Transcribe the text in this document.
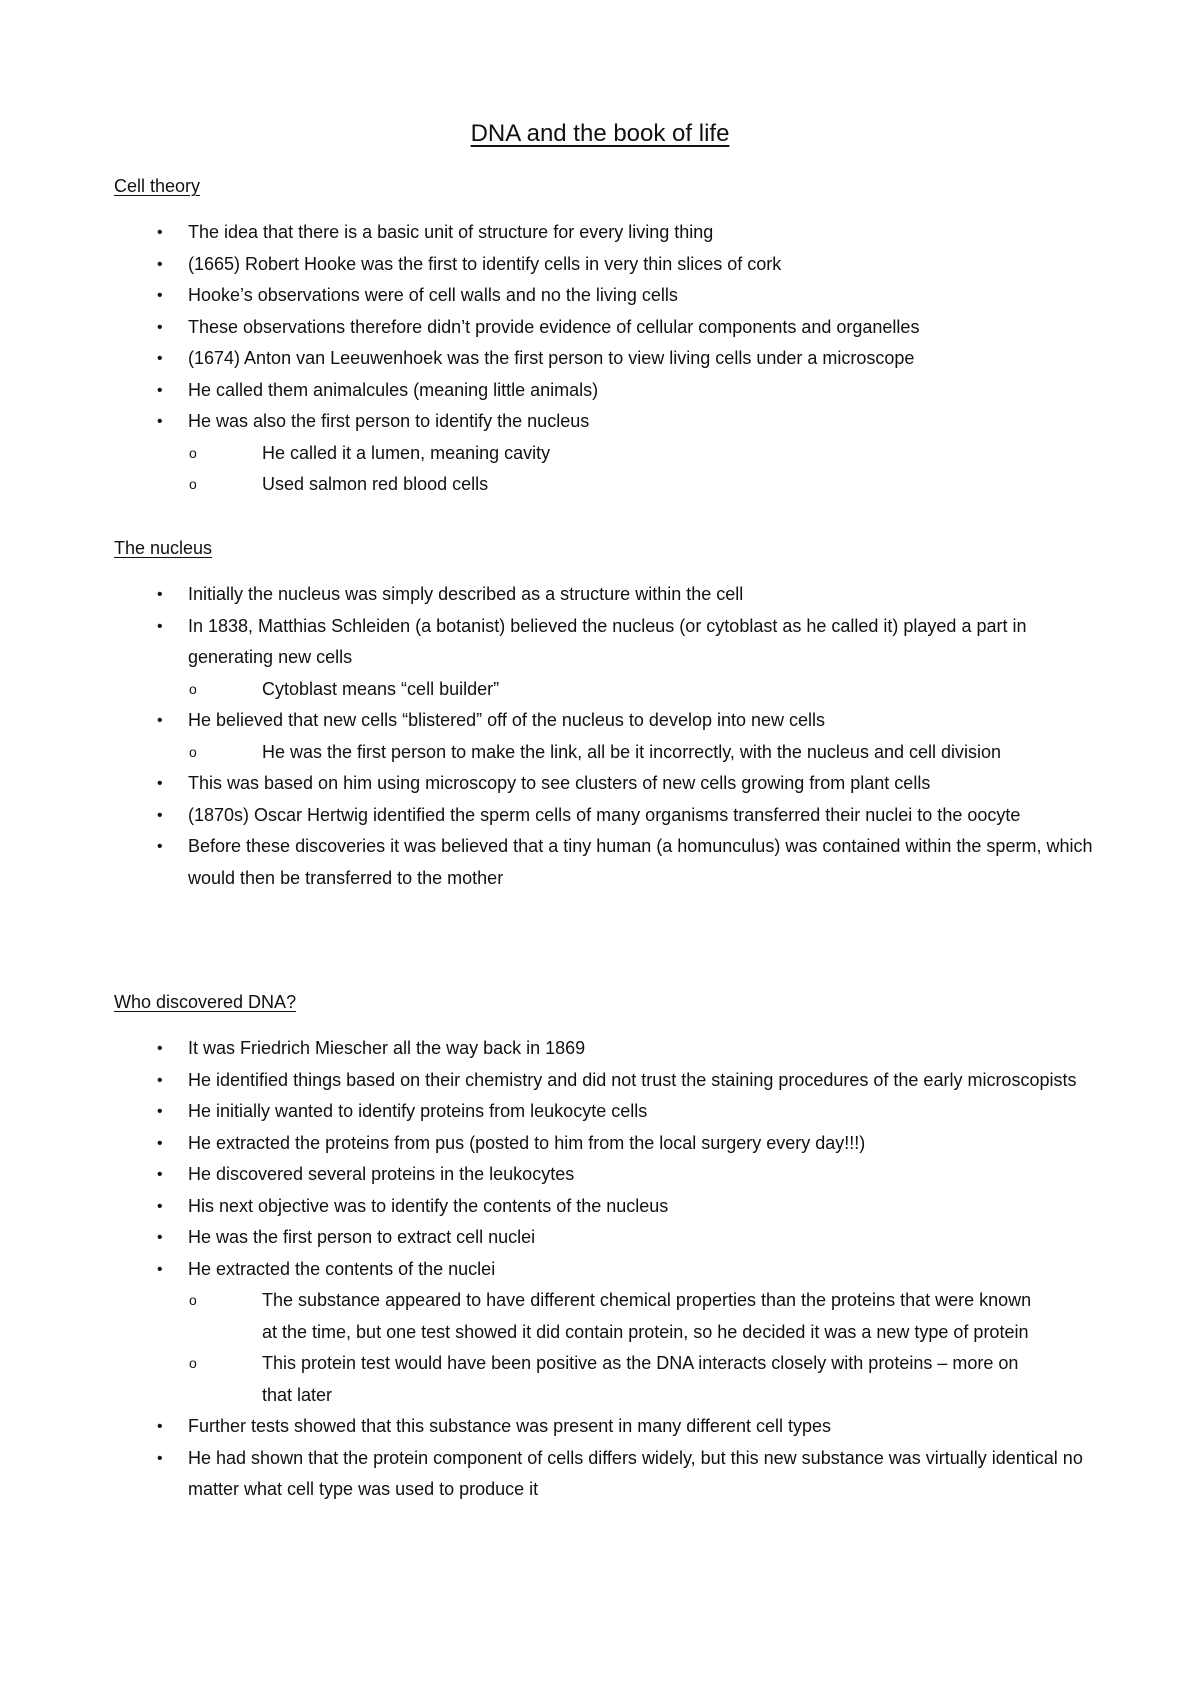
DNA and the book of life
Cell theory
• The idea that there is a basic unit of structure for every living thing
• (1665) Robert Hooke was the first to identify cells in very thin slices of cork
• Hooke’s observations were of cell walls and no the living cells
• These observations therefore didn’t provide evidence of cellular components and organelles
• (1674) Anton van Leeuwenhoek was the first person to view living cells under a microscope
• He called them animalcules (meaning little animals)
• He was also the first person to identify the nucleus
o	He called it a lumen, meaning cavity
o	Used salmon red blood cells
The nucleus
• Initially the nucleus was simply described as a structure within the cell
• In 1838, Matthias Schleiden (a botanist) believed the nucleus (or cytoblast as he called it) played a part in generating new cells
o	Cytoblast means “cell builder”
• He believed that new cells “blistered” off of the nucleus to develop into new cells
o	He was the first person to make the link, all be it incorrectly, with the nucleus and cell division
• This was based on him using microscopy to see clusters of new cells growing from plant cells
• (1870s) Oscar Hertwig identified the sperm cells of many organisms transferred their nuclei to the oocyte
• Before these discoveries it was believed that a tiny human (a homunculus) was contained within the sperm, which would then be transferred to the mother
Who discovered DNA?
• It was Friedrich Miescher all the way back in 1869
• He identified things based on their chemistry and did not trust the staining procedures of the early microscopists
• He initially wanted to identify proteins from leukocyte cells
• He extracted the proteins from pus (posted to him from the local surgery every day!!!)
• He discovered several proteins in the leukocytes
• His next objective was to identify the contents of the nucleus
• He was the first person to extract cell nuclei
• He extracted the contents of the nuclei
o	The substance appeared to have different chemical properties than the proteins that were known at the time, but one test showed it did contain protein, so he decided it was a new type of protein
o	This protein test would have been positive as the DNA interacts closely with proteins – more on that later
• Further tests showed that this substance was present in many different cell types
• He had shown that the protein component of cells differs widely, but this new substance was virtually identical no matter what cell type was used to produce it
